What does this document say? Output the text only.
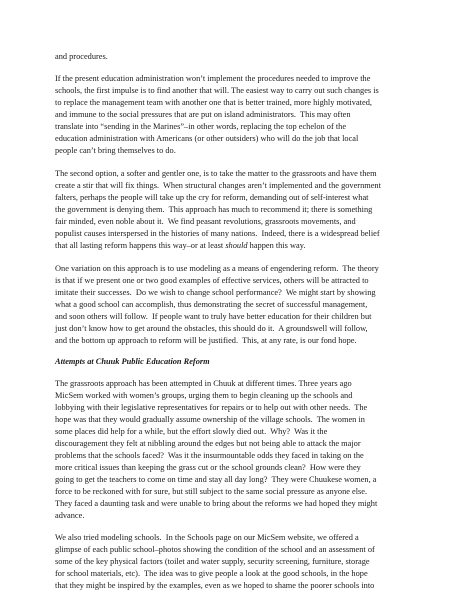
and procedures.
If the present education administration won’t implement the procedures needed to improve the
schools, the first impulse is to find another that will. The easiest way to carry out such changes is
to replace the management team with another one that is better trained, more highly motivated,
and immune to the social pressures that are put on island administrators.  This may often
translate into “sending in the Marines”–in other words, replacing the top echelon of the
education administration with Americans (or other outsiders) who will do the job that local
people can’t bring themselves to do.
The second option, a softer and gentler one, is to take the matter to the grassroots and have them
create a stir that will fix things.  When structural changes aren’t implemented and the government
falters, perhaps the people will take up the cry for reform, demanding out of self-interest what
the government is denying them.  This approach has much to recommend it; there is something
fair minded, even noble about it.  We find peasant revolutions, grassroots movements, and
populist causes interspersed in the histories of many nations.  Indeed, there is a widespread belief
that all lasting reform happens this way–or at least should happen this way.
One variation on this approach is to use modeling as a means of engendering reform.  The theory
is that if we present one or two good examples of effective services, others will be attracted to
imitate their successes.  Do we wish to change school performance?  We might start by showing
what a good school can accomplish, thus demonstrating the secret of successful management,
and soon others will follow.  If people want to truly have better education for their children but
just don’t know how to get around the obstacles, this should do it.  A groundswell will follow,
and the bottom up approach to reform will be justified.  This, at any rate, is our fond hope.
Attempts at Chuuk Public Education Reform
The grassroots approach has been attempted in Chuuk at different times. Three years ago
MicSem worked with women’s groups, urging them to begin cleaning up the schools and
lobbying with their legislative representatives for repairs or to help out with other needs.  The
hope was that they would gradually assume ownership of the village schools.  The women in
some places did help for a while, but the effort slowly died out.  Why?  Was it the
discouragement they felt at nibbling around the edges but not being able to attack the major
problems that the schools faced?  Was it the insurmountable odds they faced in taking on the
more critical issues than keeping the grass cut or the school grounds clean?  How were they
going to get the teachers to come on time and stay all day long?  They were Chuukese women, a
force to be reckoned with for sure, but still subject to the same social pressure as anyone else.
They faced a daunting task and were unable to bring about the reforms we had hoped they might
advance.
We also tried modeling schools.  In the Schools page on our MicSem website, we offered a
glimpse of each public school–photos showing the condition of the school and an assessment of
some of the key physical factors (toilet and water supply, security screening, furniture, storage
for school materials, etc).  The idea was to give people a look at the good schools, in the hope
that they might be inspired by the examples, even as we hoped to shame the poorer schools into
